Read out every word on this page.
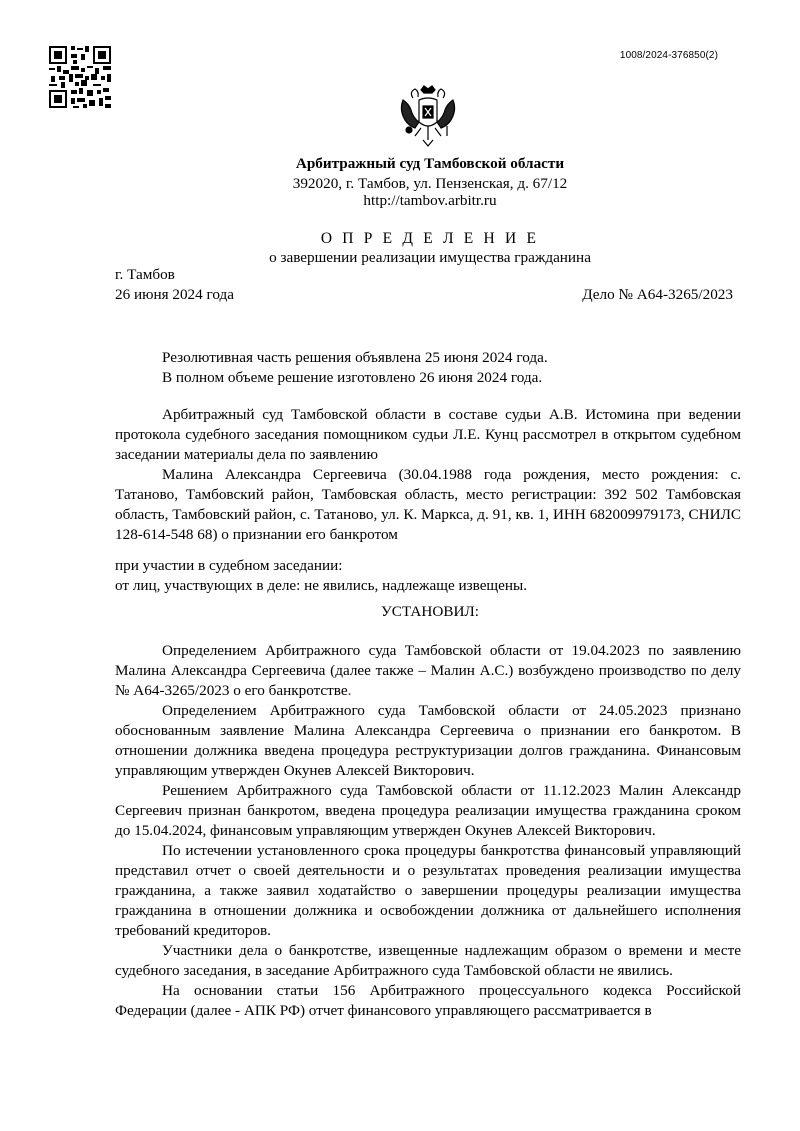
1008/2024-376850(2)
Арбитражный суд Тамбовской области
392020, г. Тамбов, ул. Пензенская, д. 67/12
http://tambov.arbitr.ru
О П Р Е Д Е Л Е Н И Е
о завершении реализации имущества гражданина
г. Тамбов
26 июня 2024 года	Дело № А64-3265/2023
Резолютивная часть решения объявлена 25 июня 2024 года.
В полном объеме решение изготовлено 26 июня 2024 года.

Арбитражный суд Тамбовской области в составе судьи А.В. Истомина при ведении протокола судебного заседания помощником судьи Л.Е. Кунц рассмотрел в открытом судебном заседании материалы дела по заявлению

Малина Александра Сергеевича (30.04.1988 года рождения, место рождения: с. Татаново, Тамбовский район, Тамбовская область, место регистрации: 392 502 Тамбовская область, Тамбовский район, с. Татаново, ул. К. Маркса, д. 91, кв. 1, ИНН 682009979173, СНИЛС 128-614-548 68) о признании его банкротом

при участии в судебном заседании:

от лиц, участвующих в деле: не явились, надлежаще извещены.

УСТАНОВИЛ:

Определением Арбитражного суда Тамбовской области от 19.04.2023 по заявлению Малина Александра Сергеевича (далее также – Малин А.С.) возбуждено производство по делу № А64-3265/2023 о его банкротстве.

Определением Арбитражного суда Тамбовской области от 24.05.2023 признано обоснованным заявление Малина Александра Сергеевича о признании его банкротом. В отношении должника введена процедура реструктуризации долгов гражданина. Финансовым управляющим утвержден Окунев Алексей Викторович.

Решением Арбитражного суда Тамбовской области от 11.12.2023 Малин Александр Сергеевич признан банкротом, введена процедура реализации имущества гражданина сроком до 15.04.2024, финансовым управляющим утвержден Окунев Алексей Викторович.

По истечении установленного срока процедуры банкротства финансовый управляющий представил отчет о своей деятельности и о результатах проведения реализации имущества гражданина, а также заявил ходатайство о завершении процедуры реализации имущества гражданина в отношении должника и освобождении должника от дальнейшего исполнения требований кредиторов.

Участники дела о банкротстве, извещенные надлежащим образом о времени и месте судебного заседания, в заседание Арбитражного суда Тамбовской области не явились.

На основании статьи 156 Арбитражного процессуального кодекса Российской Федерации (далее - АПК РФ) отчет финансового управляющего рассматривается в
